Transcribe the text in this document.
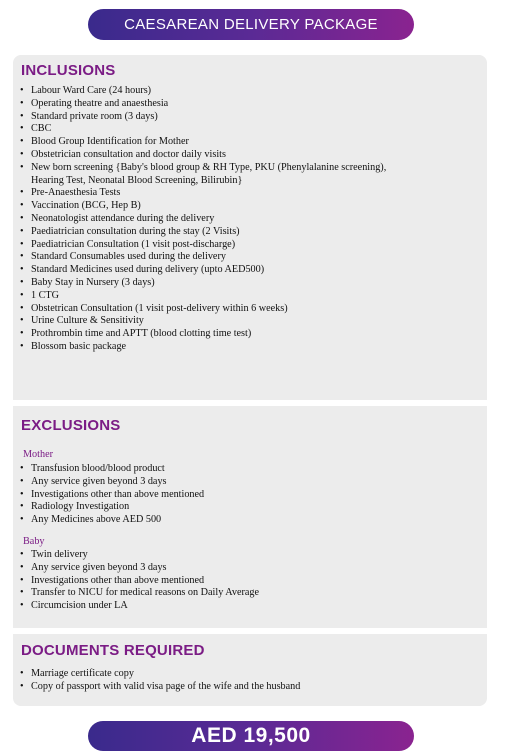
CAESAREAN DELIVERY PACKAGE
INCLUSIONS
• Labour Ward Care (24 hours)
• Operating theatre and anaesthesia
• Standard private room (3 days)
• CBC
• Blood Group Identification for Mother
• Obstetrician consultation and doctor daily visits
• New born screening {Baby's blood group & RH Type, PKU (Phenylalanine screening),
Hearing Test, Neonatal Blood Screening, Bilirubin}
• Pre-Anaesthesia Tests
• Vaccination (BCG, Hep B)
• Neonatologist attendance during the delivery
• Paediatrician consultation during the stay (2 Visits)
• Paediatrician Consultation (1 visit post-discharge)
• Standard Consumables used during the delivery
• Standard Medicines used during delivery (upto AED500)
• Baby Stay in Nursery (3 days)
• 1 CTG
• Obstetrican Consultation (1 visit post-delivery within 6 weeks)
• Urine Culture & Sensitivity
• Prothrombin time and APTT (blood clotting time test)
• Blossom basic package
EXCLUSIONS
Mother
• Transfusion blood/blood product
• Any service given beyond 3 days
• Investigations other than above mentioned
• Radiology Investigation
• Any Medicines above AED 500
Baby
• Twin delivery
• Any service given beyond 3 days
• Investigations other than above mentioned
• Transfer to NICU for medical reasons on Daily Average
• Circumcision under LA
DOCUMENTS REQUIRED
• Marriage certificate copy
• Copy of passport with valid visa page of the wife and the husband
AED 19,500
